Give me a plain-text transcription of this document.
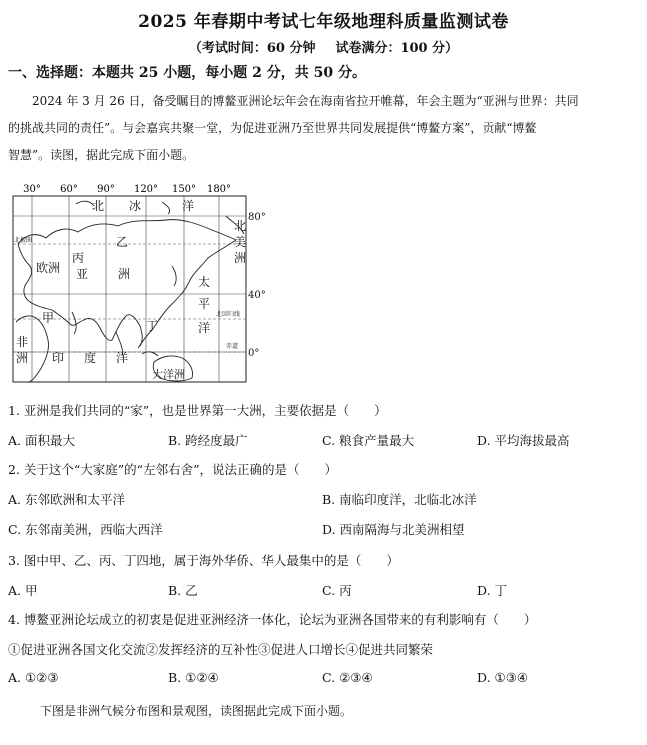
2025 年春期中考试七年级地理科质量监测试卷
（考试时间：60 分钟 试卷满分：100 分）
一、选择题：本题共 25 小题，每小题 2 分，共 50 分。
2024 年 3 月 26 日，备受瞩目的博鳌亚洲论坛年会在海南省拉开帷幕，年会主题为“亚洲与世界：共同
的挑战共同的责任”。与会嘉宾共聚一堂，为促进亚洲乃至世界共同发展提供“博鳌方案”，贡献“博鳌
智慧”。读图，据此完成下面小题。
30° 60° 90° 120° 150° 180°
北 冰	洋
北
美
洲
乙
丙
欧洲 亚 洲
太
平
洋
甲
丁
非
洲 印 度 洋
大洋洲
北极圈
北回归线
赤道
80°
40°
0°
1. 亚洲是我们共同的“家”，也是世界第一大洲，主要依据是（　　）
A. 面积最大	B. 跨经度最广	C. 粮食产量最大	D. 平均海拔最高
2. 关于这个“大家庭”的“左邻右舍”，说法正确的是（　　）
A. 东邻欧洲和太平洋	B. 南临印度洋，北临北冰洋
C. 东邻南美洲，西临大西洋	D. 西南隔海与北美洲相望
3. 图中甲、乙、丙、丁四地，属于海外华侨、华人最集中的是（　　）
A. 甲	B. 乙	C. 丙	D. 丁
4. 博鳌亚洲论坛成立的初衷是促进亚洲经济一体化，论坛为亚洲各国带来的有利影响有（　　）
①促进亚洲各国文化交流②发挥经济的互补性③促进人口增长④促进共同繁荣
A. ①②③	B. ①②④	C. ②③④	D. ①③④
下图是非洲气候分布图和景观图，读图据此完成下面小题。
